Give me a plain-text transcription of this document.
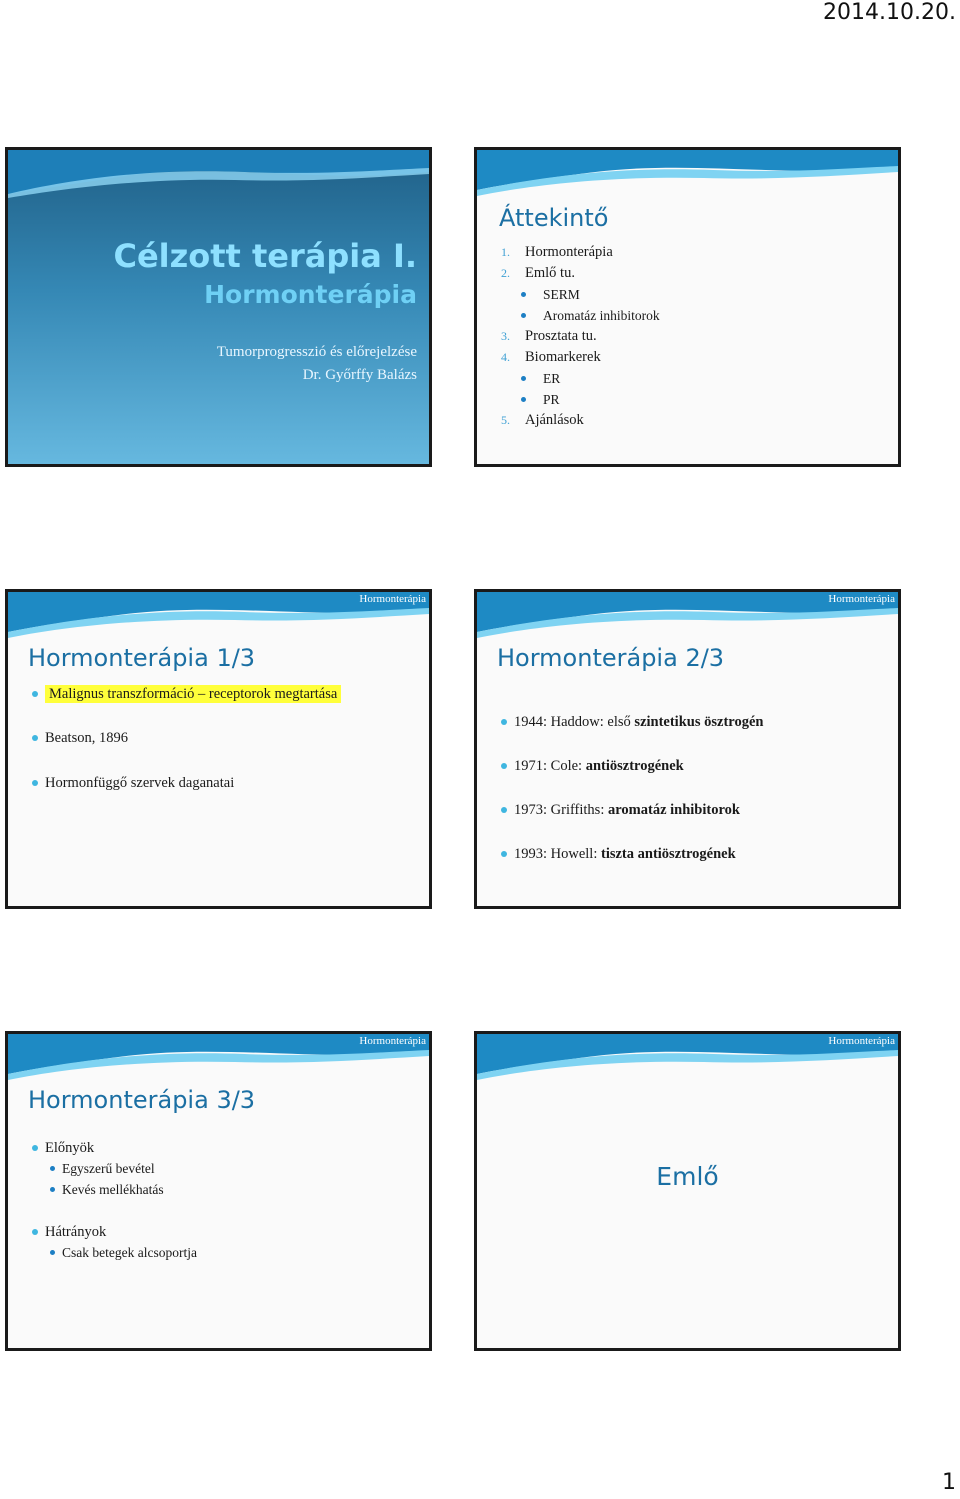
2014.10.20.
Célzott terápia I.
Hormonterápia
Tumorprogresszió és előrejelzése
Dr. Győrffy Balázs
Áttekintő
1. Hormonterápia
2. Emlő tu.
SERM
Aromatáz inhibitorok
3. Prosztata tu.
4. Biomarkerek
ER
PR
5. Ajánlások
Hormonterápia
Hormonterápia 1/3
Malignus transzformáció – receptorok megtartása
Beatson, 1896
Hormonfüggő szervek daganatai
Hormonterápia
Hormonterápia 2/3
1944: Haddow: első szintetikus ösztrogén
1971: Cole: antiösztrogének
1973: Griffiths: aromatáz inhibitorok
1993: Howell: tiszta antiösztrogének
Hormonterápia
Hormonterápia 3/3
Előnyök
Egyszerű bevétel
Kevés mellékhatás
Hátrányok
Csak betegek alcsoportja
Hormonterápia
Emlő
1
